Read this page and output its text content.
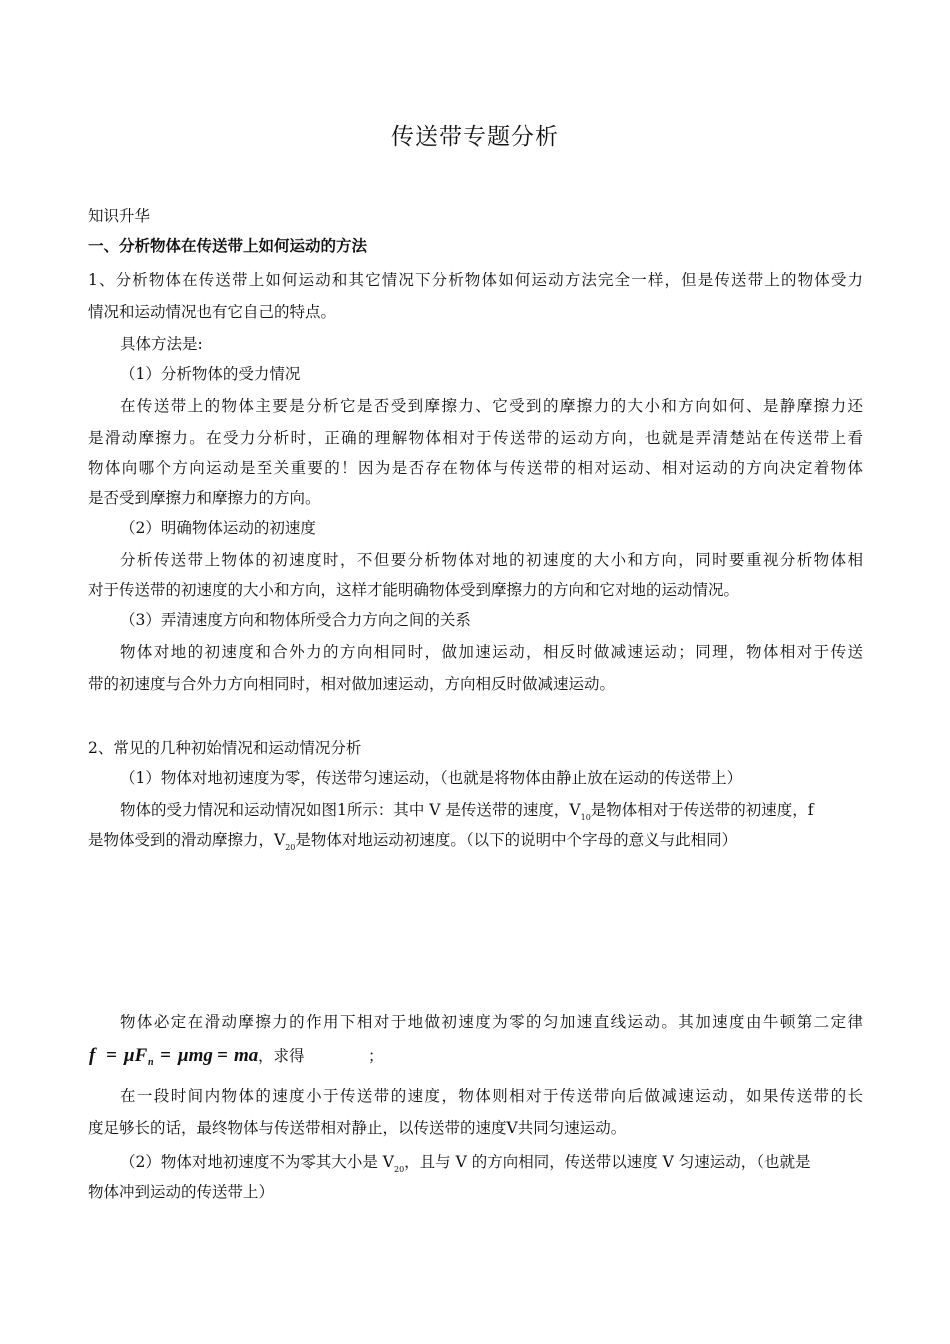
传送带专题分析
知识升华
一、分析物体在传送带上如何运动的方法
1、分析物体在传送带上如何运动和其它情况下分析物体如何运动方法完全一样，但是传送带上的物体受力
情况和运动情况也有它自己的特点。
具体方法是:
（1）分析物体的受力情况
在传送带上的物体主要是分析它是否受到摩擦力、它受到的摩擦力的大小和方向如何、是静摩擦力还
是滑动摩擦力。在受力分析时，正确的理解物体相对于传送带的运动方向，也就是弄清楚站在传送带上看
物体向哪个方向运动是至关重要的！因为是否存在物体与传送带的相对运动、相对运动的方向决定着物体
是否受到摩擦力和摩擦力的方向。
（2）明确物体运动的初速度
分析传送带上物体的初速度时，不但要分析物体对地的初速度的大小和方向，同时要重视分析物体相
对于传送带的初速度的大小和方向，这样才能明确物体受到摩擦力的方向和它对地的运动情况。
（3）弄清速度方向和物体所受合力方向之间的关系
物体对地的初速度和合外力的方向相同时，做加速运动，相反时做减速运动；同理，物体相对于传送
带的初速度与合外力方向相同时，相对做加速运动，方向相反时做减速运动。
2、常见的几种初始情况和运动情况分析
（1）物体对地初速度为零，传送带匀速运动，（也就是将物体由静止放在运动的传送带上）
物体的受力情况和运动情况如图1所示：其中 V 是传送带的速度，$V_{10}$是物体相对于传送带的初速度，f
是物体受到的滑动摩擦力，$V_{20}$是物体对地运动初速度。（以下的说明中个字母的意义与此相同）
物体必定在滑动摩擦力的作用下相对于地做初速度为零的匀加速直线运动。其加速度由牛顿第二定律
f = μF n = μmg = ma ，求得	；
在一段时间内物体的速度小于传送带的速度，物体则相对于传送带向后做减速运动，如果传送带的长
度足够长的话，最终物体与传送带相对静止，以传送带的速度V共同匀速运动。
（2）物体对地初速度不为零其大小是 $V_{20}$，且与 V 的方向相同，传送带以速度 V 匀速运动，（也就是
物体冲到运动的传送带上）
